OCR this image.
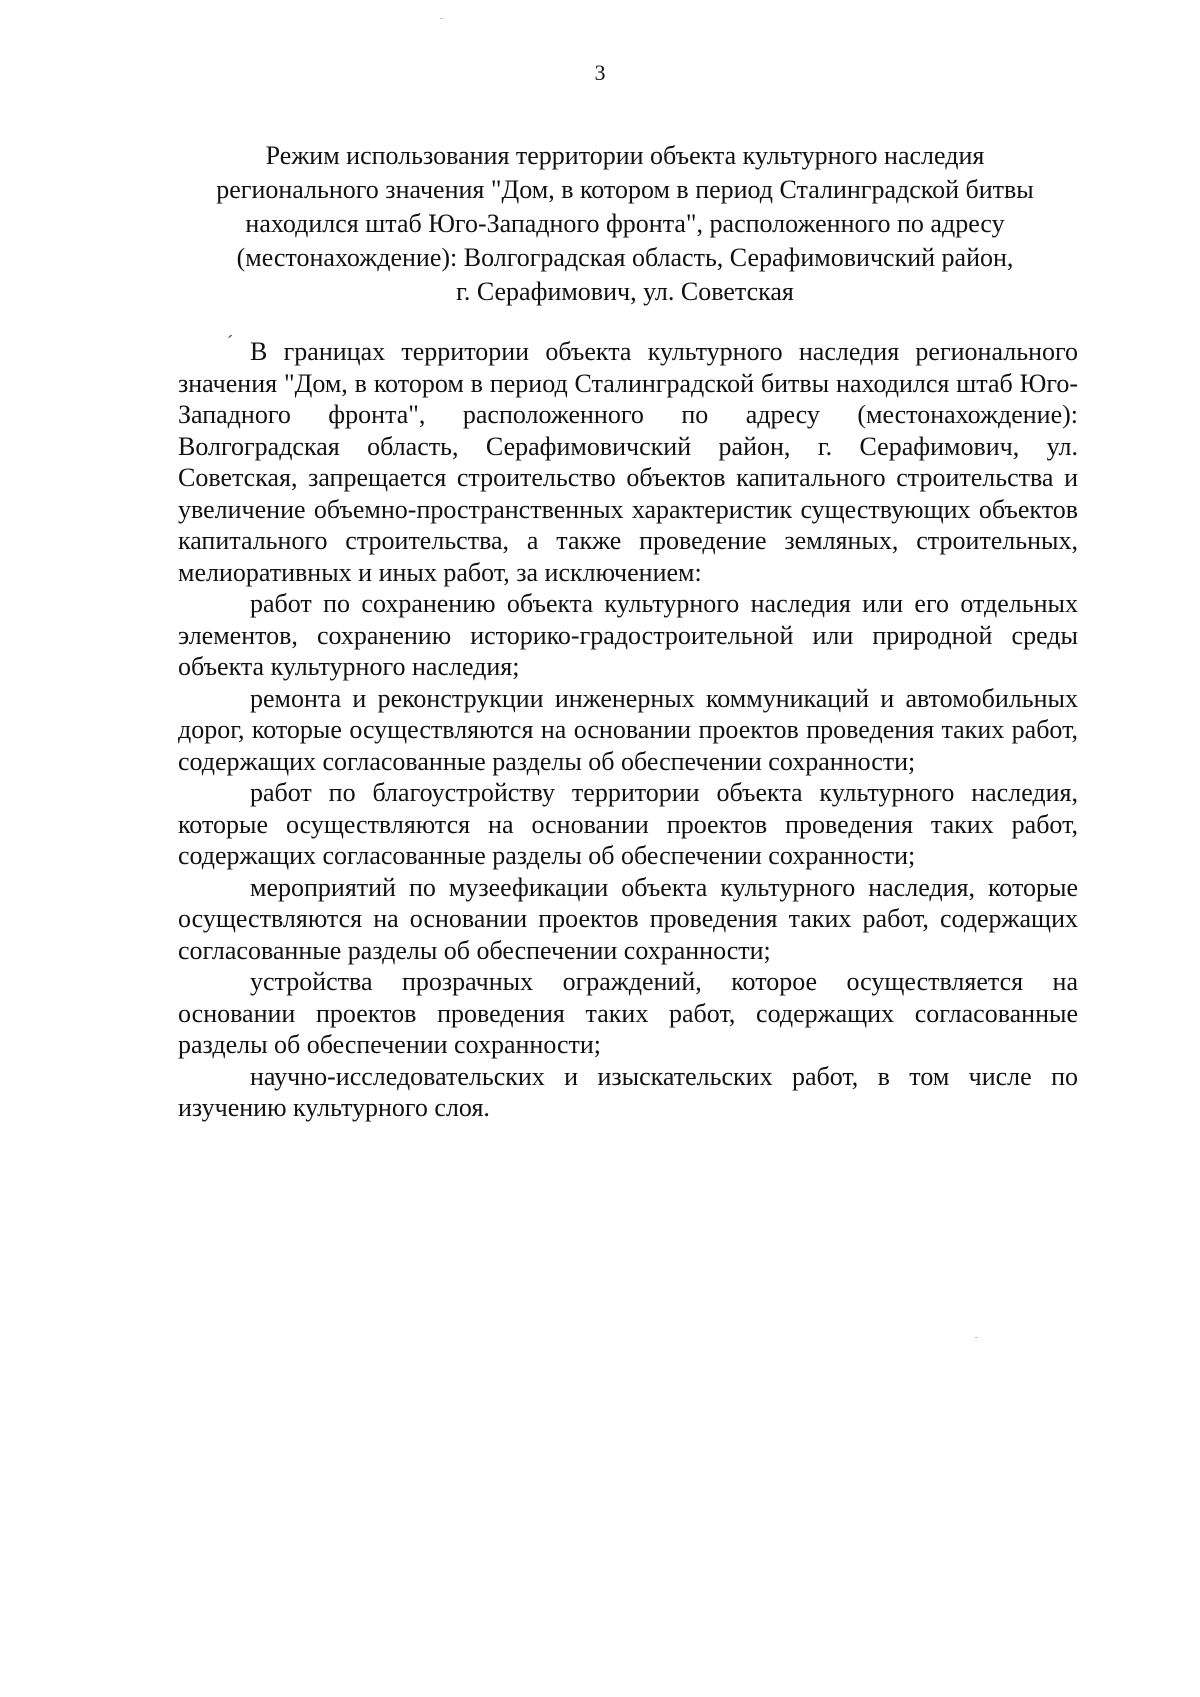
3
Режим использования территории объекта культурного наследия
регионального значения "Дом, в котором в период Сталинградской битвы
находился штаб Юго-Западного фронта", расположенного по адресу
(местонахождение): Волгоградская область, Серафимовичский район,
г. Серафимович, ул. Советская
ˊ В границах территории объекта культурного наследия регионального значения "Дом, в котором в период Сталинградской битвы находился штаб Юго-Западного фронта", расположенного по адресу (местонахождение): Волгоградская область, Серафимовичский район, г. Серафимович, ул. Советская, запрещается строительство объектов капитального строительства и увеличение объемно-пространственных характеристик существующих объектов капитального строительства, а также проведение земляных, строительных, мелиоративных и иных работ, за исключением:

работ по сохранению объекта культурного наследия или его отдельных элементов, сохранению историко-градостроительной или природной среды объекта культурного наследия;

ремонта и реконструкции инженерных коммуникаций и автомобильных дорог, которые осуществляются на основании проектов проведения таких работ, содержащих согласованные разделы об обеспечении сохранности;

работ по благоустройству территории объекта культурного наследия, которые осуществляются на основании проектов проведения таких работ, содержащих согласованные разделы об обеспечении сохранности;

мероприятий по музеефикации объекта культурного наследия, которые осуществляются на основании проектов проведения таких работ, содержащих согласованные разделы об обеспечении сохранности;

устройства прозрачных ограждений, которое осуществляется на основании проектов проведения таких работ, содержащих согласованные разделы об обеспечении сохранности;

научно-исследовательских и изыскательских работ, в том числе по изучению культурного слоя.
